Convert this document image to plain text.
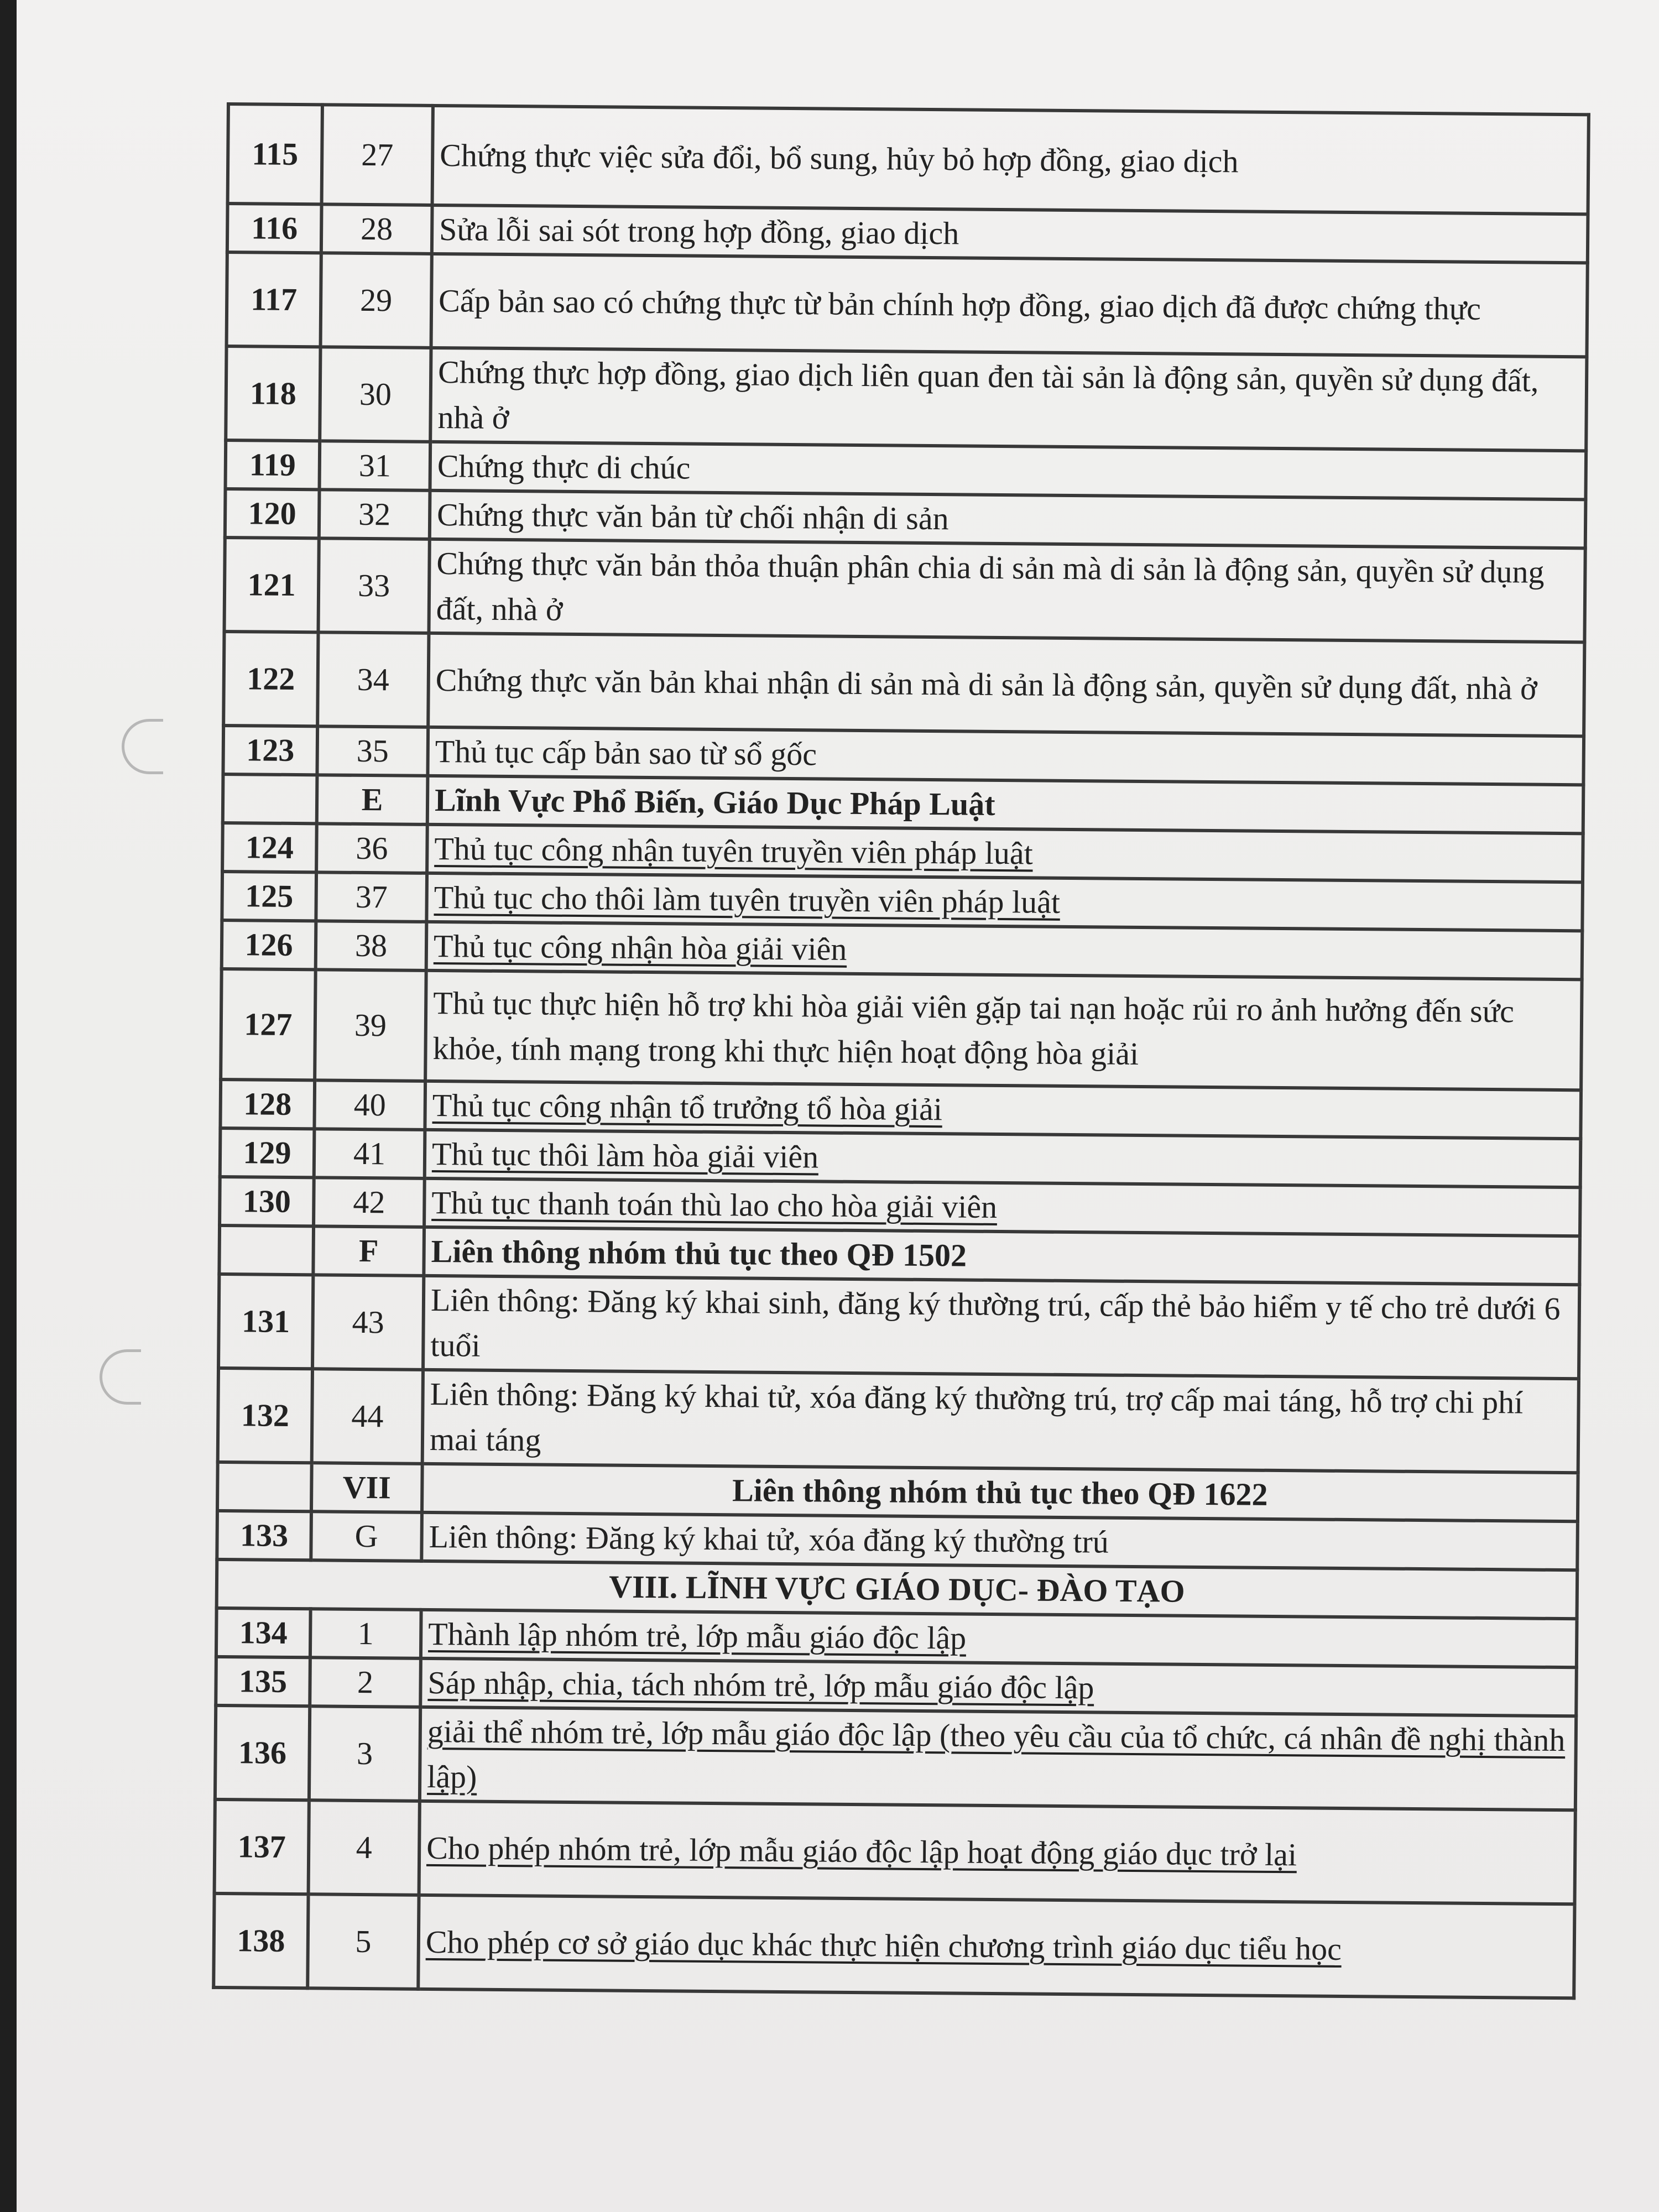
115	27	Chứng thực việc sửa đổi, bổ sung, hủy bỏ hợp đồng, giao dịch
116	28	Sửa lỗi sai sót trong hợp đồng, giao dịch
117	29	Cấp bản sao có chứng thực từ bản chính hợp đồng, giao dịch đã được chứng thực
118	30	Chứng thực hợp đồng, giao dịch liên quan đen tài sản là động sản, quyền sử dụng đất, nhà ở
119	31	Chứng thực di chúc
120	32	Chứng thực văn bản từ chối nhận di sản
121	33	Chứng thực văn bản thỏa thuận phân chia di sản mà di sản là động sản, quyền sử dụng đất, nhà ở
122	34	Chứng thực văn bản khai nhận di sản mà di sản là động sản, quyền sử dụng đất, nhà ở
123	35	Thủ tục cấp bản sao từ sổ gốc
	E	Lĩnh Vực Phổ Biến, Giáo Dục Pháp Luật
124	36	Thủ tục công nhận tuyên truyền viên pháp luật
125	37	Thủ tục cho thôi làm tuyên truyền viên pháp luật
126	38	Thủ tục công nhận hòa giải viên
127	39	Thủ tục thực hiện hỗ trợ khi hòa giải viên gặp tai nạn hoặc rủi ro ảnh hưởng đến sức khỏe, tính mạng trong khi thực hiện hoạt động hòa giải
128	40	Thủ tục công nhận tổ trưởng tổ hòa giải
129	41	Thủ tục thôi làm hòa giải viên
130	42	Thủ tục thanh toán thù lao cho hòa giải viên
	F	Liên thông nhóm thủ tục theo QĐ 1502
131	43	Liên thông: Đăng ký khai sinh, đăng ký thường trú, cấp thẻ bảo hiểm y tế cho trẻ dưới 6 tuổi
132	44	Liên thông: Đăng ký khai tử, xóa đăng ký thường trú, trợ cấp mai táng, hỗ trợ chi phí mai táng
	VII	Liên thông nhóm thủ tục theo QĐ 1622
133	G	Liên thông: Đăng ký khai tử, xóa đăng ký thường trú
VIII. LĨNH VỰC GIÁO DỤC- ĐÀO TẠO		
134	1	Thành lập nhóm trẻ, lớp mẫu giáo độc lập
135	2	Sáp nhập, chia, tách nhóm trẻ, lớp mẫu giáo độc lập
136	3	giải thể nhóm trẻ, lớp mẫu giáo độc lập (theo yêu cầu của tổ chức, cá nhân đề nghị thành lập)
137	4	Cho phép nhóm trẻ, lớp mẫu giáo độc lập hoạt động giáo dục trở lại
138	5	Cho phép cơ sở giáo dục khác thực hiện chương trình giáo dục tiểu học
